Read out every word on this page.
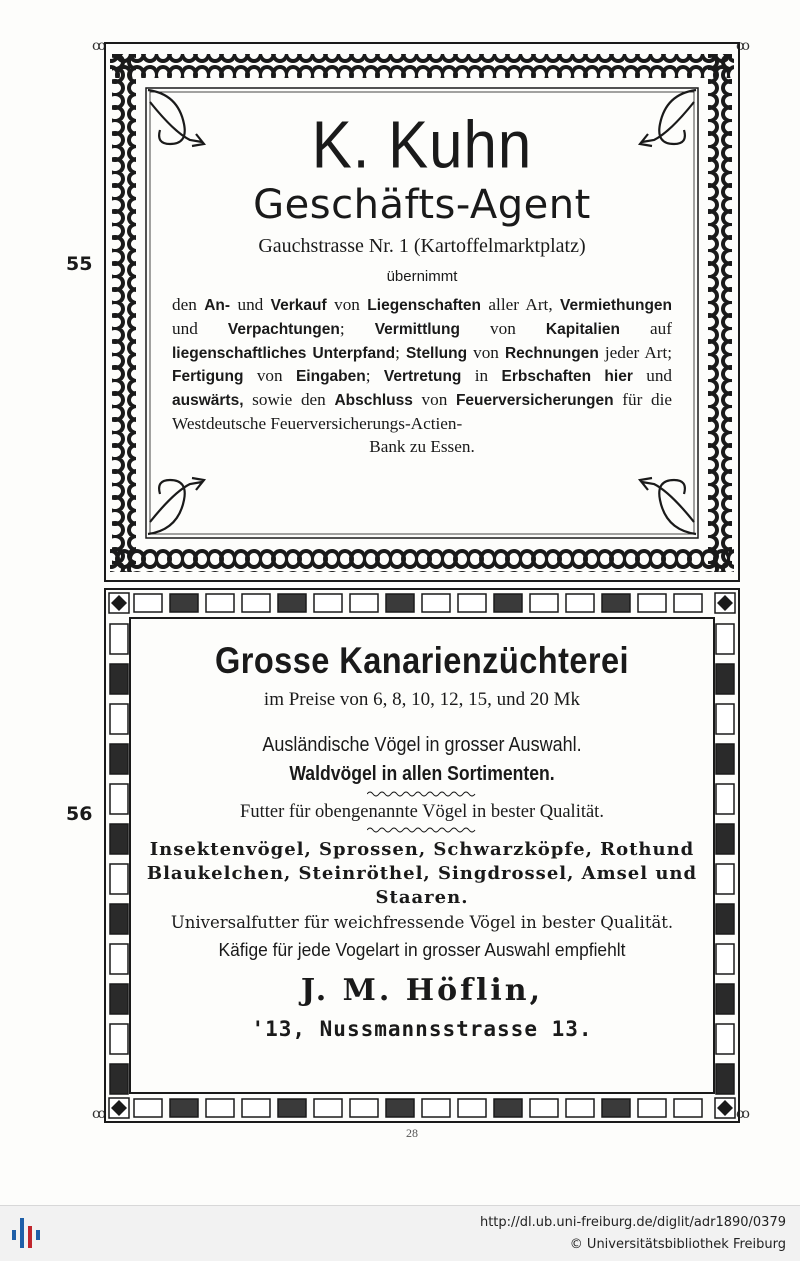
ꝏ	ꝏ
ꝏ	ꝏ
55
K. Kuhn
Geschäfts-Agent
Gauchstrasse Nr. 1 (Kartoffelmarktplatz)
übernimmt
den An- und Verkauf von Liegenschaften aller Art, Vermiethungen und Verpachtungen; Vermittlung von Kapitalien auf liegenschaftliches Unterpfand; Stellung von Rechnungen jeder Art; Fertigung von Eingaben; Vertretung in Erbschaften hier und auswärts, sowie den Abschluss von Feuerversicherungen für die Westdeutsche Feuerversicherungs-Actien-
Bank zu Essen.
56
Grosse Kanarienzüchterei
im Preise von 6, 8, 10, 12, 15, und 20 Mk
Ausländische Vögel in grosser Auswahl.
Waldvögel in allen Sortimenten.
Futter für obengenannte Vögel in bester Qualität.
Insektenvögel, Sprossen, Schwarzköpfe, Rothund Blaukelchen, Steinröthel, Singdrossel, Amsel und Staaren.
Universalfutter für weichfressende Vögel in bester Qualität.
Käfige für jede Vogelart in grosser Auswahl empfiehlt
J. M. Höflin,
'13, Nussmannsstrasse 13.
28
http://dl.ub.uni-freiburg.de/diglit/adr1890/0379
© Universitätsbibliothek Freiburg
